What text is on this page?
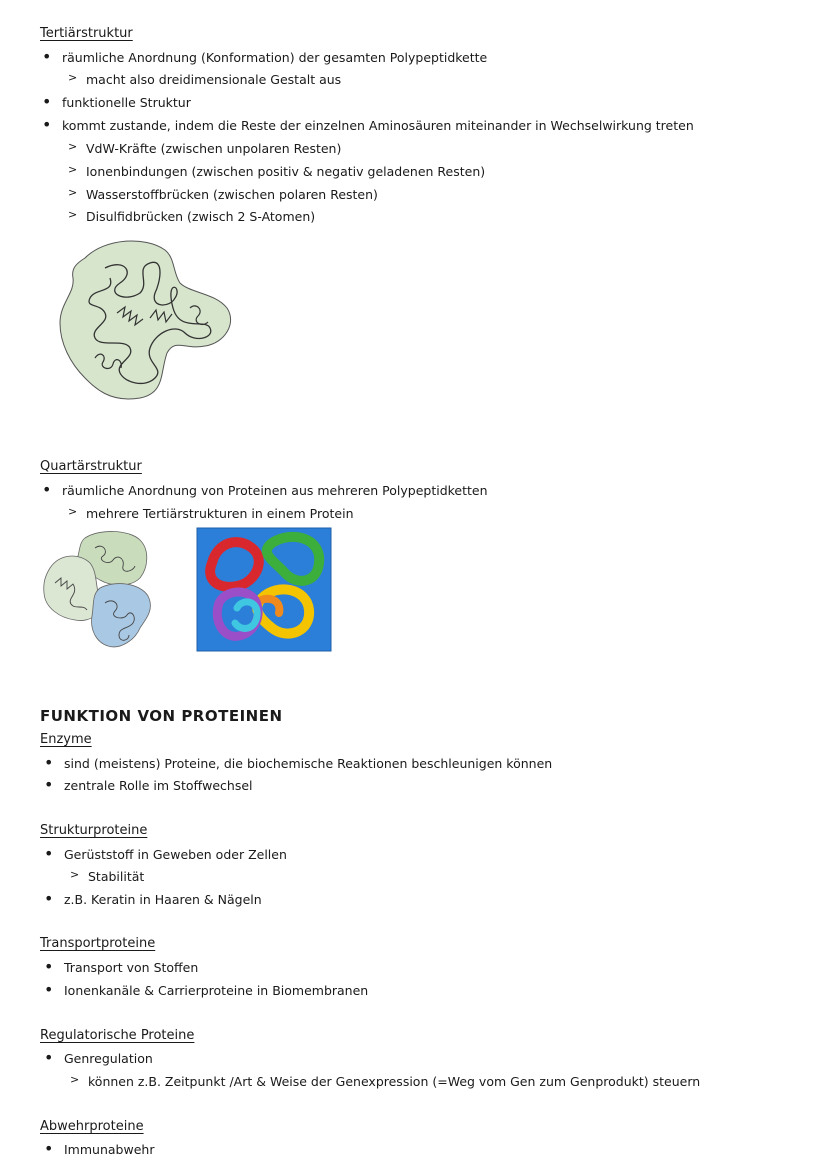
Tertiärstruktur
• räumliche Anordnung (Konformation) der gesamten Polypeptidkette
> macht also dreidimensionale Gestalt aus
• funktionelle Struktur
• kommt zustande, indem die Reste der einzelnen Aminosäuren miteinander in Wechselwirkung treten
> VdW-Kräfte (zwischen unpolaren Resten)
> Ionenbindungen (zwischen positiv & negativ geladenen Resten)
> Wasserstoffbrücken (zwischen polaren Resten)
> Disulfidbrücken (zwisch 2 S-Atomen)
Quartärstruktur
• räumliche Anordnung von Proteinen aus mehreren Polypeptidketten
> mehrere Tertiärstrukturen in einem Protein
FUNKTION VON PROTEINEN
Enzyme
• sind (meistens) Proteine, die biochemische Reaktionen beschleunigen können
• zentrale Rolle im Stoffwechsel
Strukturproteine
• Gerüststoff in Geweben oder Zellen
> Stabilität
• z.B. Keratin in Haaren & Nägeln
Transportproteine
• Transport von Stoffen
• Ionenkanäle & Carrierproteine in Biomembranen
Regulatorische Proteine
• Genregulation
> können z.B. Zeitpunkt /Art & Weise der Genexpression (=Weg vom Gen zum Genprodukt) steuern
Abwehrproteine
• Immunabwehr
